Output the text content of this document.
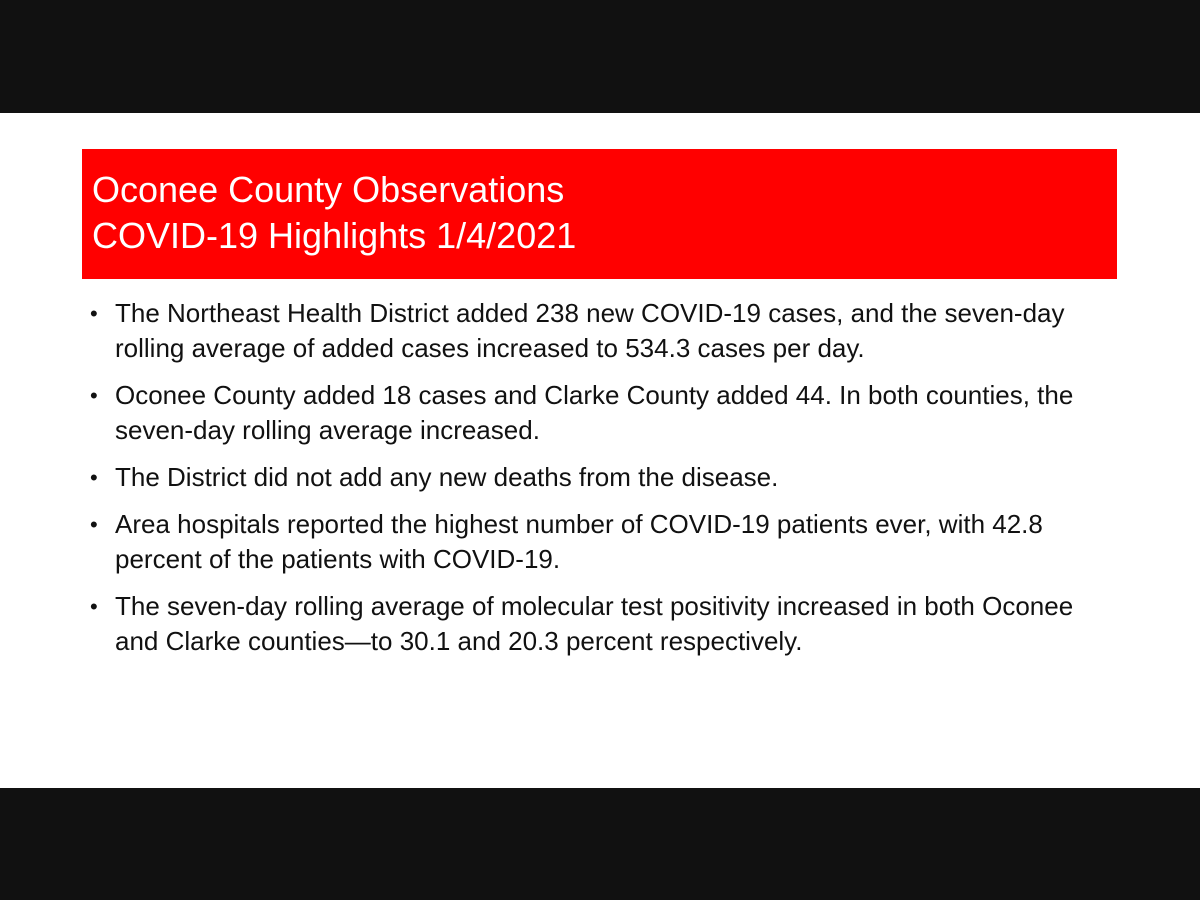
Oconee County Observations
COVID-19 Highlights 1/4/2021
• The Northeast Health District added 238 new COVID-19 cases, and the seven-day rolling average of added cases increased to 534.3 cases per day.
• Oconee County added 18 cases and Clarke County added 44. In both counties, the seven-day rolling average increased.
• The District did not add any new deaths from the disease.
• Area hospitals reported the highest number of COVID-19 patients ever, with 42.8 percent of the patients with COVID-19.
• The seven-day rolling average of molecular test positivity increased in both Oconee and Clarke counties—to 30.1 and 20.3 percent respectively.
